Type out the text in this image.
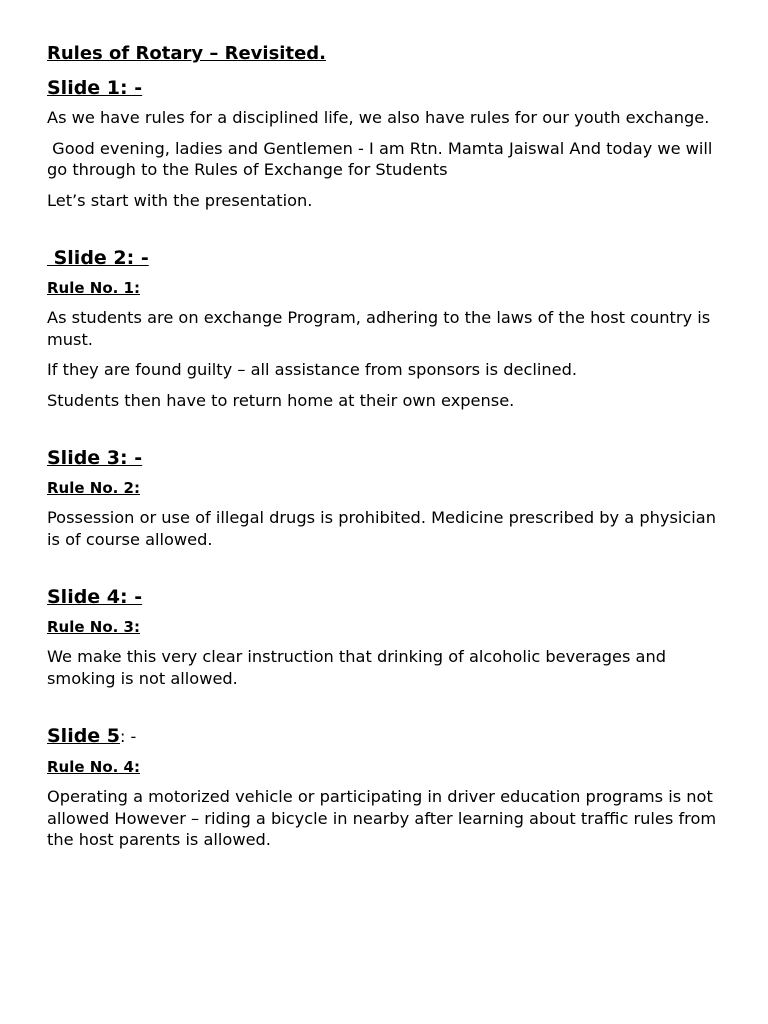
Rules of Rotary – Revisited.
Slide 1: -
As we have rules for a disciplined life, we also have rules for our youth exchange.
Good evening, ladies and Gentlemen - I am Rtn. Mamta Jaiswal And today we will go through to the Rules of Exchange for Students
Let’s start with the presentation.
Slide 2: -
Rule No. 1:
As students are on exchange Program, adhering to the laws of the host country is must.
If they are found guilty – all assistance from sponsors is declined.
Students then have to return home at their own expense.
Slide 3: -
Rule No. 2:
Possession or use of illegal drugs is prohibited. Medicine prescribed by a physician is of course allowed.
Slide 4: -
Rule No. 3:
We make this very clear instruction that drinking of alcoholic beverages and smoking is not allowed.
Slide 5: -
Rule No. 4:
Operating a motorized vehicle or participating in driver education programs is not allowed However – riding a bicycle in nearby after learning about traffic rules from the host parents is allowed.
